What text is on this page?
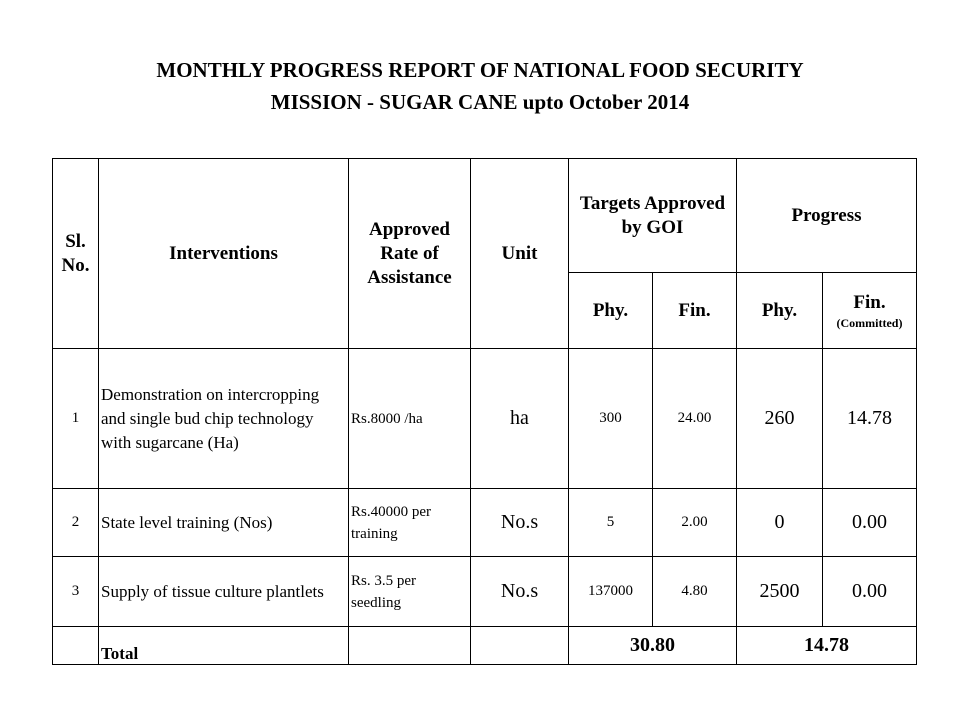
MONTHLY PROGRESS REPORT OF NATIONAL FOOD SECURITY
MISSION - SUGAR CANE upto October 2014
Sl. No.	Interventions	Approved Rate of Assistance	Unit	Targets Approved by GOI		Progress	
				Phy.	Fin.	Phy.	Fin.
(Committed)

1	Demonstration on intercropping and single bud chip technology with sugarcane (Ha)	Rs.8000 /ha	ha	300	24.00	260	14.78
2	State level training (Nos)	Rs.40000 per training	No.s	5	2.00	0	0.00
3	Supply of tissue culture plantlets	Rs. 3.5 per seedling	No.s	137000	4.80	2500	0.00
	Total			30.80		14.78	
